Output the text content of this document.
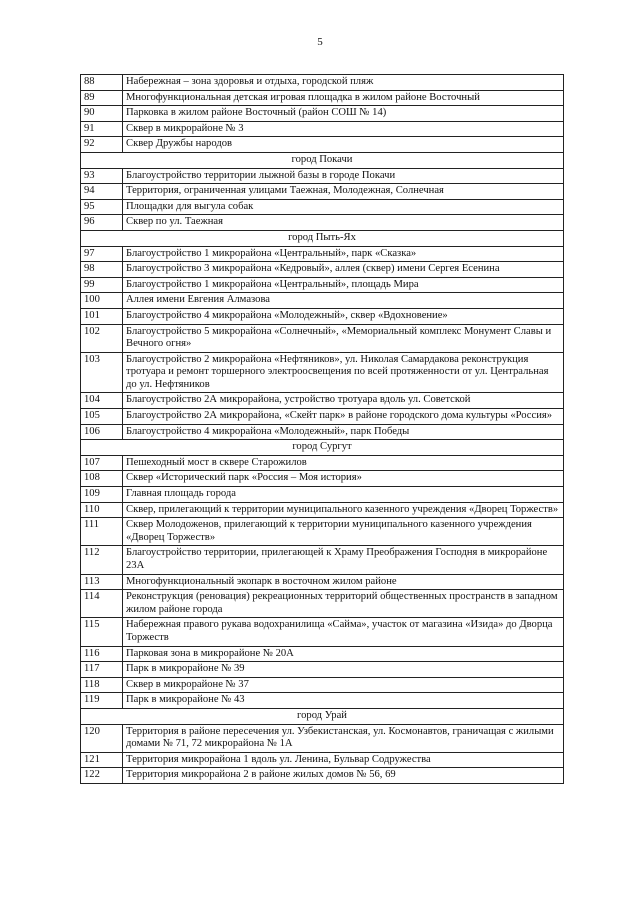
5
88	Набережная – зона здоровья и отдыха, городской пляж
89	Многофункциональная детская игровая площадка в жилом районе Восточный
90	Парковка в жилом районе Восточный (район СОШ № 14)
91	Сквер в микрорайоне № 3
92	Сквер Дружбы народов
город Покачи	
93	Благоустройство территории лыжной базы в городе Покачи
94	Территория, ограниченная улицами Таежная, Молодежная, Солнечная
95	Площадки для выгула собак
96	Сквер по ул. Таежная
город Пыть-Ях	
97	Благоустройство 1 микрорайона «Центральный», парк «Сказка»
98	Благоустройство 3 микрорайона «Кедровый», аллея (сквер) имени Сергея Есенина
99	Благоустройство 1 микрорайона «Центральный», площадь Мира
100	Аллея имени Евгения Алмазова
101	Благоустройство 4 микрорайона «Молодежный», сквер «Вдохновение»
102	Благоустройство 5 микрорайона «Солнечный», «Мемориальный комплекс Монумент Славы и Вечного огня»
103	Благоустройство 2 микрорайона «Нефтяников», ул. Николая Самардакова реконструкция тротуара и ремонт торшерного электроосвещения по всей протяженности от ул. Центральная до ул. Нефтяников
104	Благоустройство 2А микрорайона, устройство тротуара вдоль ул. Советской
105	Благоустройство 2А микрорайона, «Скейт парк» в районе городского дома культуры «Россия»
106	Благоустройство 4 микрорайона «Молодежный», парк Победы
город Сургут	
107	Пешеходный мост в сквере Старожилов
108	Сквер «Исторический парк «Россия – Моя история»
109	Главная площадь города
110	Сквер, прилегающий к территории муниципального казенного учреждения «Дворец Торжеств»
111	Сквер Молодоженов, прилегающий к территории муниципального казенного учреждения «Дворец Торжеств»
112	Благоустройство территории, прилегающей к Храму Преображения Господня в микрорайоне 23А
113	Многофункциональный экопарк в восточном жилом районе
114	Реконструкция (реновация) рекреационных территорий общественных пространств в западном жилом районе города
115	Набережная правого рукава водохранилища «Сайма», участок от магазина «Изида» до Дворца Торжеств
116	Парковая зона в микрорайоне № 20А
117	Парк в микрорайоне № 39
118	Сквер в микрорайоне № 37
119	Парк в микрорайоне № 43
город Урай	
120	Территория в районе пересечения ул. Узбекистанская, ул. Космонавтов, граничащая с жилыми домами № 71, 72 микрорайона № 1А
121	Территория микрорайона 1 вдоль ул. Ленина, Бульвар Содружества
122	Территория микрорайона 2 в районе жилых домов № 56, 69
